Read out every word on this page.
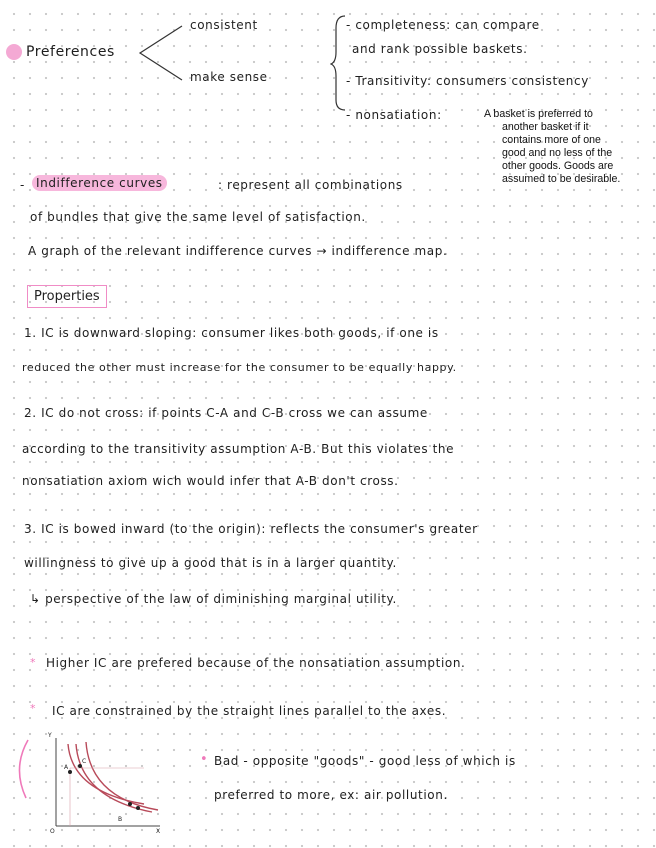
Preferences
consistent
make sense
- completeness: can compare
and rank possible baskets.
- Transitivity: consumers consistency
- nonsatiation:	A basket is preferred to
another basket if it
contains more of one
good and no less of the
other goods. Goods are
assumed to be desirable.
- Indifference curves	: represent all combinations
of bundles that give the same level of satisfaction.
A graph of the relevant indifference curves → indifference map.
Properties
1. IC is downward sloping: consumer likes both goods, if one is
reduced the other must increase for the consumer to be equally happy.
2. IC do not cross: if points C-A and C-B cross we can assume
according to the transitivity assumption A-B. But this violates the
nonsatiation axiom wich would infer that A-B don't cross.
3. IC is bowed inward (to the origin): reflects the consumer's greater
willingness to give up a good that is in a larger quantity.
↳ perspective of the law of diminishing marginal utility.
* Higher IC are prefered because of the nonsatiation assumption.
* IC are constrained by the straight lines parallel to the axes.
Y
X
O
A
B
C	• Bad - opposite "goods" - good less of which is
preferred to more, ex: air pollution.
